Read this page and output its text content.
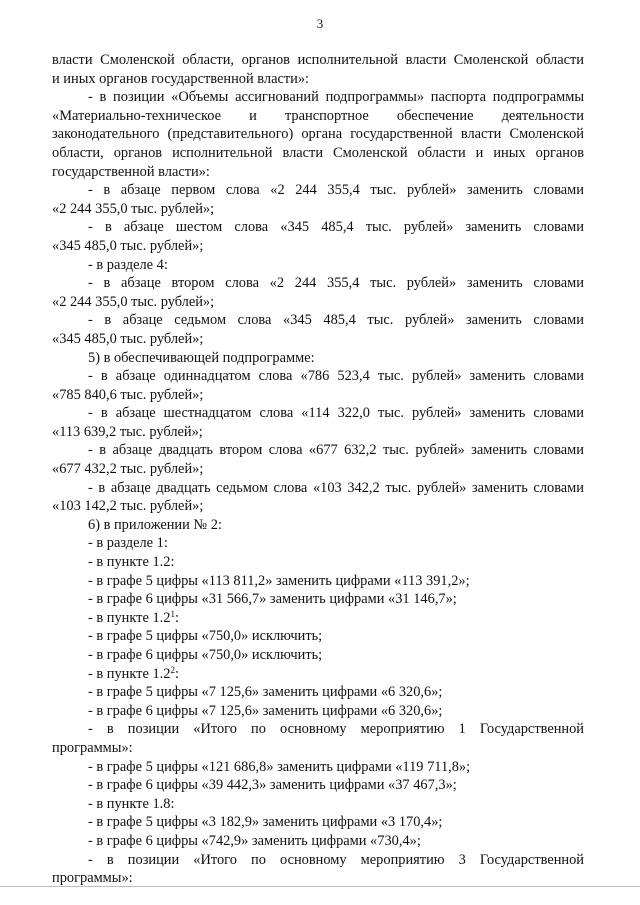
3
власти Смоленской области, органов исполнительной власти Смоленской области
и иных органов государственной власти»:
- в позиции «Объемы ассигнований подпрограммы» паспорта подпрограммы
«Материально-техническое и транспортное обеспечение деятельности
законодательного (представительного) органа государственной власти Смоленской
области, органов исполнительной власти Смоленской области и иных органов
государственной власти»:
- в абзаце первом слова «2 244 355,4 тыс. рублей» заменить словами
«2 244 355,0 тыс. рублей»;
- в абзаце шестом слова «345 485,4 тыс. рублей» заменить словами
«345 485,0 тыс. рублей»;
- в разделе 4:
- в абзаце втором слова «2 244 355,4 тыс. рублей» заменить словами
«2 244 355,0 тыс. рублей»;
- в абзаце седьмом слова «345 485,4 тыс. рублей» заменить словами
«345 485,0 тыс. рублей»;
5) в обеспечивающей подпрограмме:
- в абзаце одиннадцатом слова «786 523,4 тыс. рублей» заменить словами
«785 840,6 тыс. рублей»;
- в абзаце шестнадцатом слова «114 322,0 тыс. рублей» заменить словами
«113 639,2 тыс. рублей»;
- в абзаце двадцать втором слова «677 632,2 тыс. рублей» заменить словами
«677 432,2 тыс. рублей»;
- в абзаце двадцать седьмом слова «103 342,2 тыс. рублей» заменить словами
«103 142,2 тыс. рублей»;
6) в приложении № 2:
- в разделе 1:
- в пункте 1.2:
- в графе 5 цифры «113 811,2» заменить цифрами «113 391,2»;
- в графе 6 цифры «31 566,7» заменить цифрами «31 146,7»;
- в пункте $1.2^1$:
- в графе 5 цифры «750,0» исключить;
- в графе 6 цифры «750,0» исключить;
- в пункте $1.2^2$:
- в графе 5 цифры «7 125,6» заменить цифрами «6 320,6»;
- в графе 6 цифры «7 125,6» заменить цифрами «6 320,6»;
- в позиции «Итого по основному мероприятию 1 Государственной
программы»:
- в графе 5 цифры «121 686,8» заменить цифрами «119 711,8»;
- в графе 6 цифры «39 442,3» заменить цифрами «37 467,3»;
- в пункте 1.8:
- в графе 5 цифры «3 182,9» заменить цифрами «3 170,4»;
- в графе 6 цифры «742,9» заменить цифрами «730,4»;
- в позиции «Итого по основному мероприятию 3 Государственной
программы»:
